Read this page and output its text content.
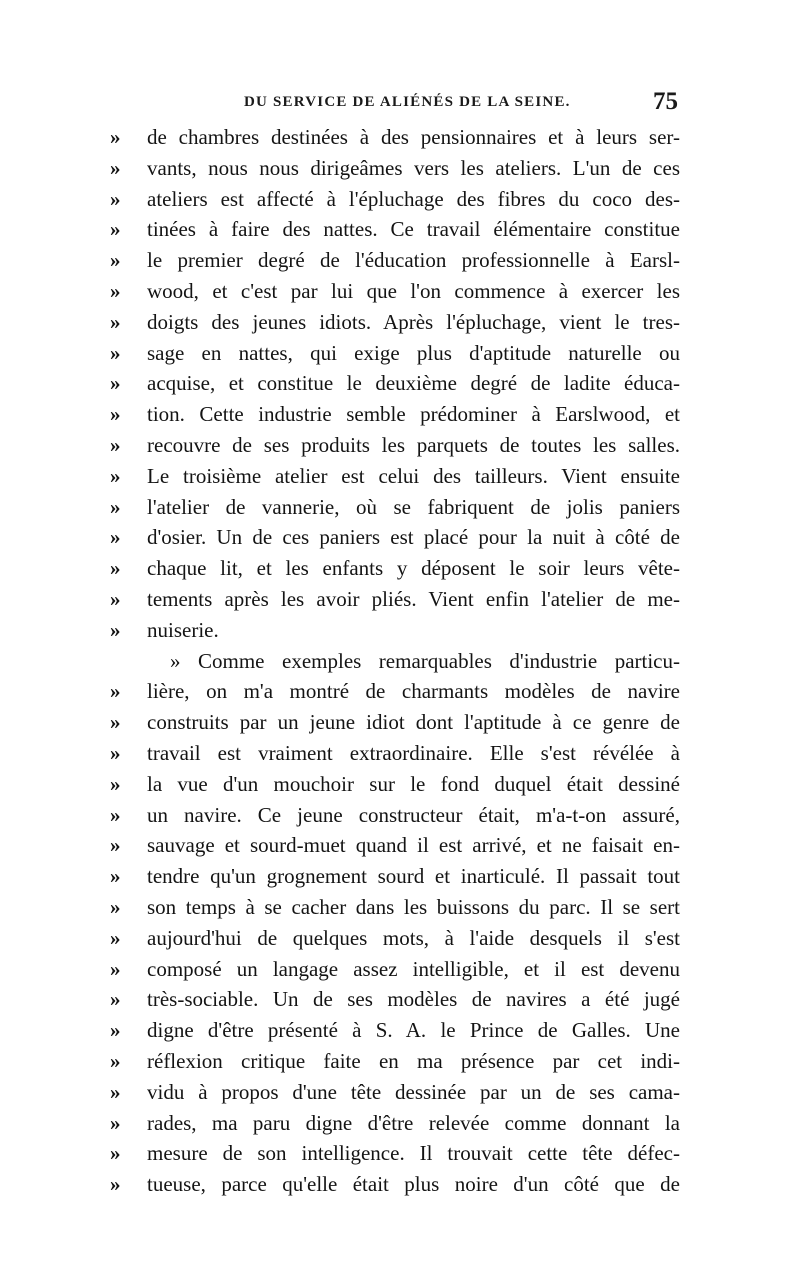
DU SERVICE DE ALIÉNÉS DE LA SEINE.	75
»	de chambres destinées à des pensionnaires et à leurs ser-
»	vants, nous nous dirigeâmes vers les ateliers. L'un de ces
»	ateliers est affecté à l'épluchage des fibres du coco des-
»	tinées à faire des nattes. Ce travail élémentaire constitue
»	le premier degré de l'éducation professionnelle à Earsl-
»	wood, et c'est par lui que l'on commence à exercer les
»	doigts des jeunes idiots. Après l'épluchage, vient le tres-
»	sage en nattes, qui exige plus d'aptitude naturelle ou
»	acquise, et constitue le deuxième degré de ladite éduca-
»	tion. Cette industrie semble prédominer à Earslwood, et
»	recouvre de ses produits les parquets de toutes les salles.
»	Le troisième atelier est celui des tailleurs. Vient ensuite
»	l'atelier de vannerie, où se fabriquent de jolis paniers
»	d'osier. Un de ces paniers est placé pour la nuit à côté de
»	chaque lit, et les enfants y déposent le soir leurs vête-
»	tements après les avoir pliés. Vient enfin l'atelier de me-
»	nuiserie.
» Comme exemples remarquables d'industrie particu-
»	lière, on m'a montré de charmants modèles de navire
»	construits par un jeune idiot dont l'aptitude à ce genre de
»	travail est vraiment extraordinaire. Elle s'est révélée à
»	la vue d'un mouchoir sur le fond duquel était dessiné
»	un navire. Ce jeune constructeur était, m'a-t-on assuré,
»	sauvage et sourd-muet quand il est arrivé, et ne faisait en-
»	tendre qu'un grognement sourd et inarticulé. Il passait tout
»	son temps à se cacher dans les buissons du parc. Il se sert
»	aujourd'hui de quelques mots, à l'aide desquels il s'est
»	composé un langage assez intelligible, et il est devenu
»	très-sociable. Un de ses modèles de navires a été jugé
»	digne d'être présenté à S. A. le Prince de Galles. Une
»	réflexion critique faite en ma présence par cet indi-
»	vidu à propos d'une tête dessinée par un de ses cama-
»	rades, ma paru digne d'être relevée comme donnant la
»	mesure de son intelligence. Il trouvait cette tête défec-
»	tueuse, parce qu'elle était plus noire d'un côté que de
